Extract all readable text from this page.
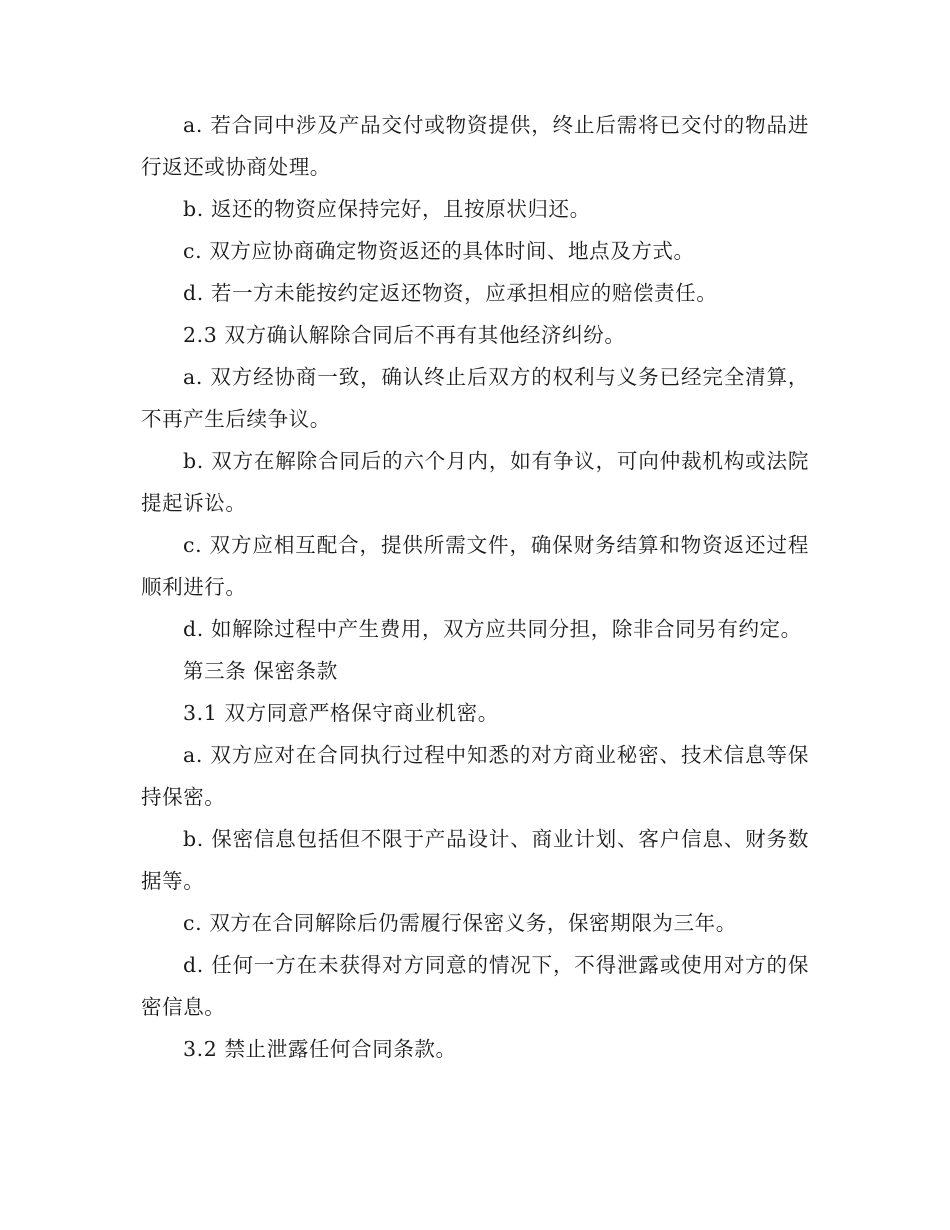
a. 若合同中涉及产品交付或物资提供，终止后需将已交付的物品进行返还或协商处理。

b. 返还的物资应保持完好，且按原状归还。

c. 双方应协商确定物资返还的具体时间、地点及方式。

d. 若一方未能按约定返还物资，应承担相应的赔偿责任。

2.3 双方确认解除合同后不再有其他经济纠纷。

a. 双方经协商一致，确认终止后双方的权利与义务已经完全清算，不再产生后续争议。

b. 双方在解除合同后的六个月内，如有争议，可向仲裁机构或法院提起诉讼。

c. 双方应相互配合，提供所需文件，确保财务结算和物资返还过程顺利进行。

d. 如解除过程中产生费用，双方应共同分担，除非合同另有约定。

第三条 保密条款

3.1 双方同意严格保守商业机密。

a. 双方应对在合同执行过程中知悉的对方商业秘密、技术信息等保持保密。

b. 保密信息包括但不限于产品设计、商业计划、客户信息、财务数据等。

c. 双方在合同解除后仍需履行保密义务，保密期限为三年。

d. 任何一方在未获得对方同意的情况下，不得泄露或使用对方的保密信息。

3.2 禁止泄露任何合同条款。
